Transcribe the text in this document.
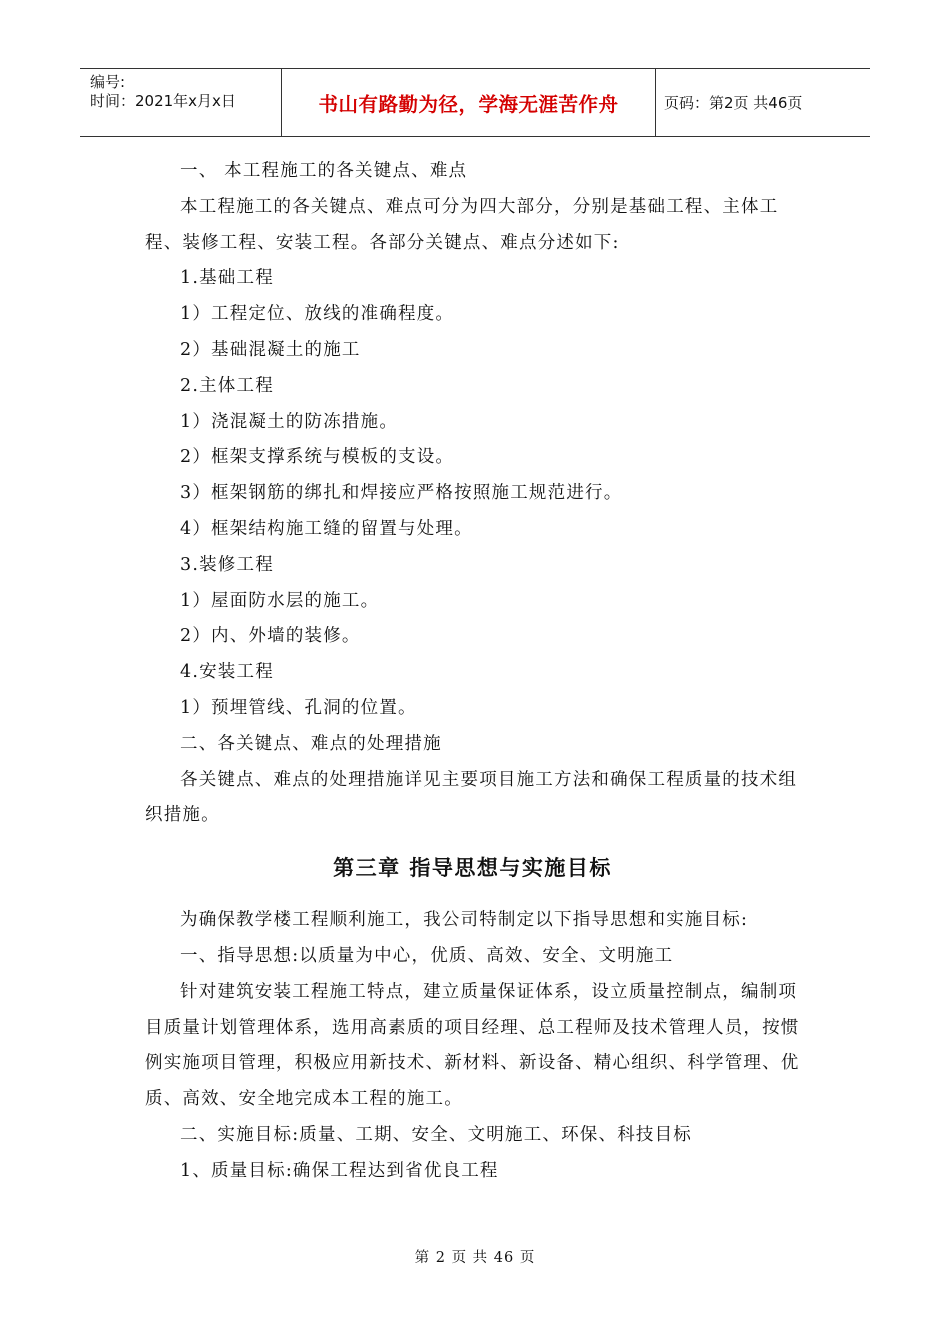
编号:
时间：2021年x月x日	书山有路勤为径，学海无涯苦作舟	页码：第2页 共46页

一、 本工程施工的各关键点、难点

本工程施工的各关键点、难点可分为四大部分，分别是基础工程、主体工程、装修工程、安装工程。各部分关键点、难点分述如下:

1.基础工程

1）工程定位、放线的准确程度。

2）基础混凝土的施工

2.主体工程

1）浇混凝土的防冻措施。

2）框架支撑系统与模板的支设。

3）框架钢筋的绑扎和焊接应严格按照施工规范进行。

4）框架结构施工缝的留置与处理。

3.装修工程

1）屋面防水层的施工。

2）内、外墙的装修。

4.安装工程

1）预埋管线、孔洞的位置。

二、各关键点、难点的处理措施

各关键点、难点的处理措施详见主要项目施工方法和确保工程质量的技术组织措施。

第三章 指导思想与实施目标

为确保教学楼工程顺利施工，我公司特制定以下指导思想和实施目标:

一、指导思想:以质量为中心，优质、高效、安全、文明施工

针对建筑安装工程施工特点，建立质量保证体系，设立质量控制点，编制项目质量计划管理体系，选用高素质的项目经理、总工程师及技术管理人员，按惯例实施项目管理，积极应用新技术、新材料、新设备、精心组织、科学管理、优质、高效、安全地完成本工程的施工。

二、实施目标:质量、工期、安全、文明施工、环保、科技目标

1、质量目标:确保工程达到省优良工程

第 2 页 共 46 页
